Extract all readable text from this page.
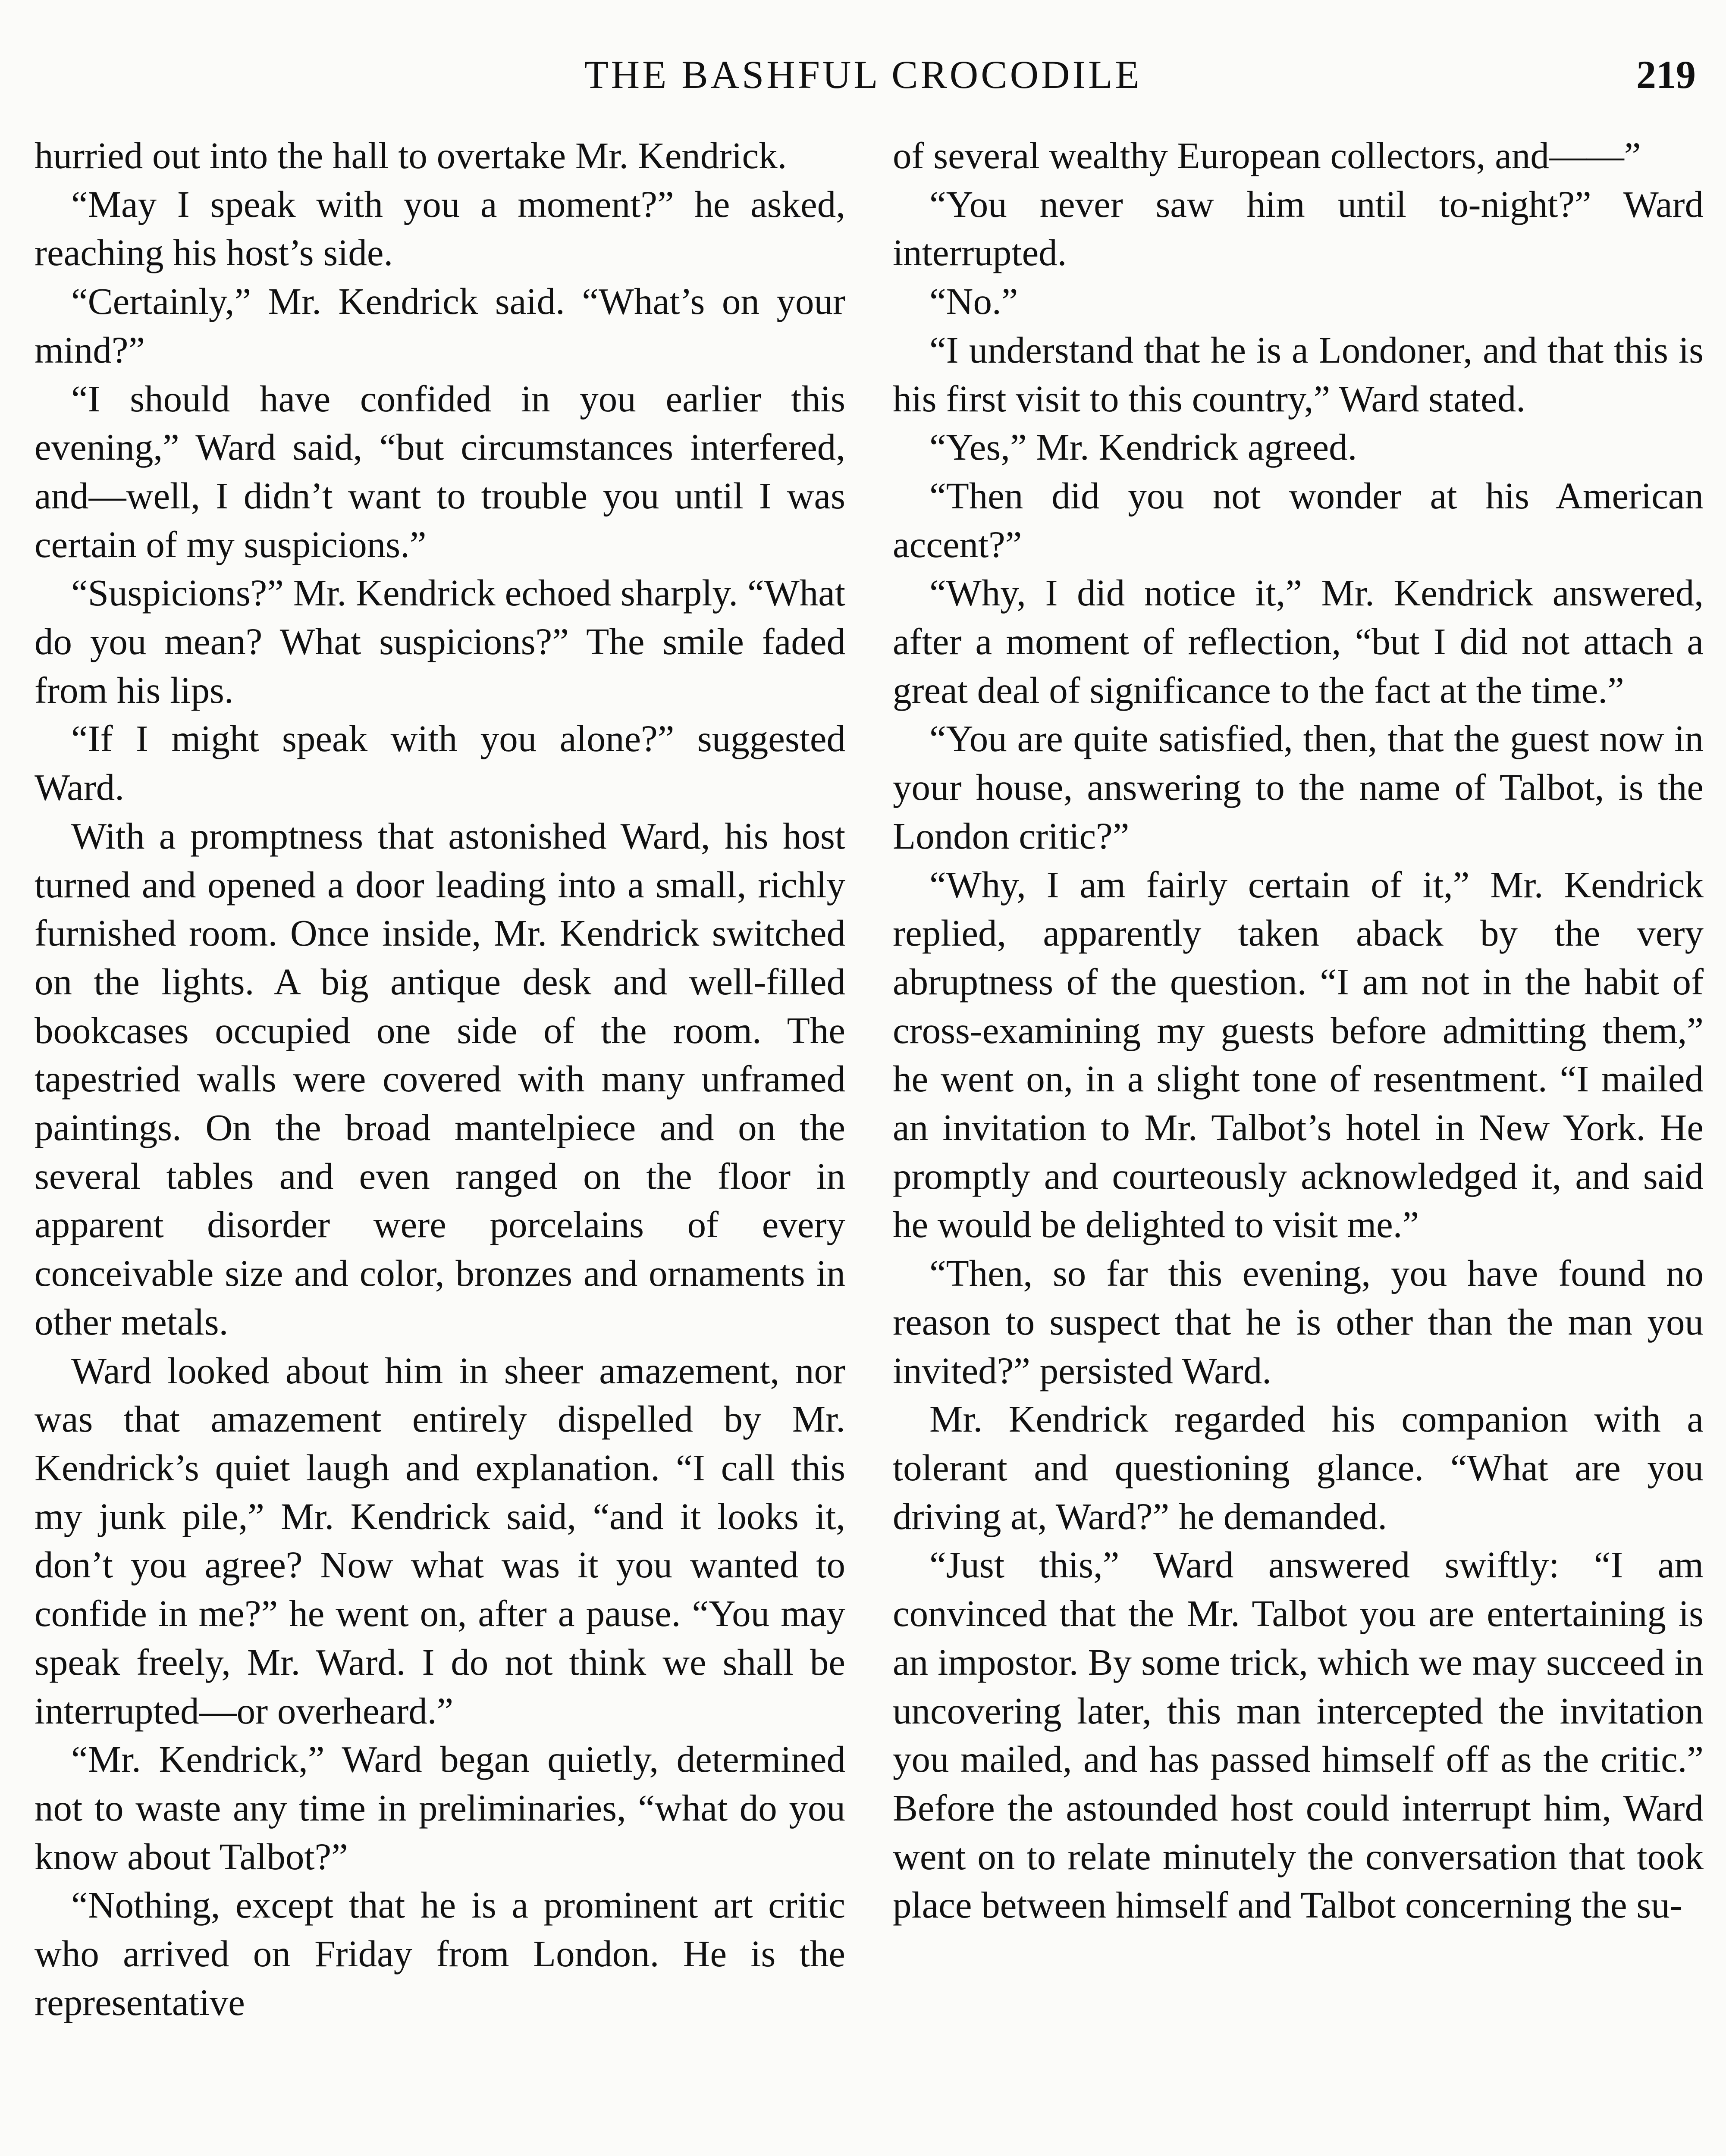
THE BASHFUL CROCODILE	219

hurried out into the hall to overtake Mr. Kendrick.

“May I speak with you a moment?” he asked, reaching his host’s side.

“Certainly,” Mr. Kendrick said. “What’s on your mind?”

“I should have confided in you earlier this evening,” Ward said, “but circumstances interfered, and—well, I didn’t want to trouble you until I was certain of my suspicions.”

“Suspicions?” Mr. Kendrick echoed sharply. “What do you mean? What suspicions?” The smile faded from his lips.

“If I might speak with you alone?” suggested Ward.

With a promptness that astonished Ward, his host turned and opened a door leading into a small, richly furnished room. Once inside, Mr. Kendrick switched on the lights. A big antique desk and well-filled bookcases occupied one side of the room. The tapestried walls were covered with many unframed paintings. On the broad mantelpiece and on the several tables and even ranged on the floor in apparent disorder were porcelains of every conceivable size and color, bronzes and ornaments in other metals.

Ward looked about him in sheer amazement, nor was that amazement entirely dispelled by Mr. Kendrick’s quiet laugh and explanation. “I call this my junk pile,” Mr. Kendrick said, “and it looks it, don’t you agree? Now what was it you wanted to confide in me?” he went on, after a pause. “You may speak freely, Mr. Ward. I do not think we shall be interrupted—or overheard.”

“Mr. Kendrick,” Ward began quietly, determined not to waste any time in preliminaries, “what do you know about Talbot?”

“Nothing, except that he is a prominent art critic who arrived on Friday from London. He is the representative

of several wealthy European collectors, and——”

“You never saw him until to-night?” Ward interrupted.

“No.”

“I understand that he is a Londoner, and that this is his first visit to this country,” Ward stated.

“Yes,” Mr. Kendrick agreed.

“Then did you not wonder at his American accent?”

“Why, I did notice it,” Mr. Kendrick answered, after a moment of reflection, “but I did not attach a great deal of significance to the fact at the time.”

“You are quite satisfied, then, that the guest now in your house, answering to the name of Talbot, is the London critic?”

“Why, I am fairly certain of it,” Mr. Kendrick replied, apparently taken aback by the very abruptness of the question. “I am not in the habit of cross-examining my guests before admitting them,” he went on, in a slight tone of resentment. “I mailed an invitation to Mr. Talbot’s hotel in New York. He promptly and courteously acknowledged it, and said he would be delighted to visit me.”

“Then, so far this evening, you have found no reason to suspect that he is other than the man you invited?” persisted Ward.

Mr. Kendrick regarded his companion with a tolerant and questioning glance. “What are you driving at, Ward?” he demanded.

“Just this,” Ward answered swiftly: “I am convinced that the Mr. Talbot you are entertaining is an impostor. By some trick, which we may succeed in uncovering later, this man intercepted the invitation you mailed, and has passed himself off as the critic.” Before the astounded host could interrupt him, Ward went on to relate minutely the conversation that took place between himself and Talbot concerning the su-
